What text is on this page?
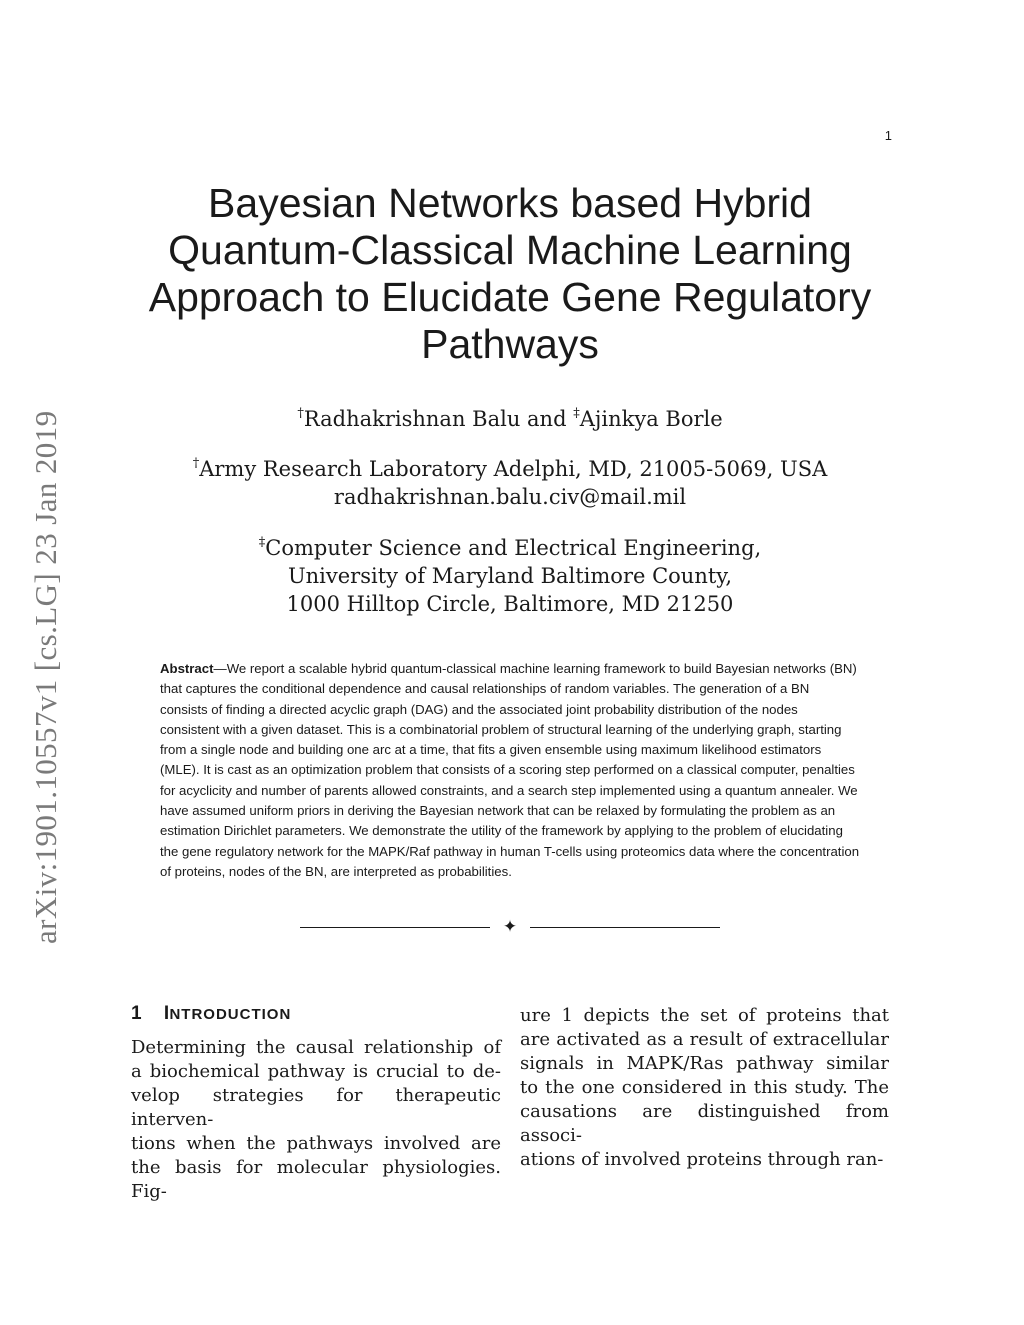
1
arXiv:1901.10557v1 [cs.LG] 23 Jan 2019
Bayesian Networks based Hybrid
Quantum-Classical Machine Learning
Approach to Elucidate Gene Regulatory
Pathways
†Radhakrishnan Balu and ‡Ajinkya Borle
†Army Research Laboratory Adelphi, MD, 21005-5069, USA
radhakrishnan.balu.civ@mail.mil
‡Computer Science and Electrical Engineering,
University of Maryland Baltimore County,
1000 Hilltop Circle, Baltimore, MD 21250
Abstract—We report a scalable hybrid quantum-classical machine learning framework to build Bayesian networks (BN) that captures the conditional dependence and causal relationships of random variables. The generation of a BN consists of finding a directed acyclic graph (DAG) and the associated joint probability distribution of the nodes consistent with a given dataset. This is a combinatorial problem of structural learning of the underlying graph, starting from a single node and building one arc at a time, that fits a given ensemble using maximum likelihood estimators (MLE). It is cast as an optimization problem that consists of a scoring step performed on a classical computer, penalties for acyclicity and number of parents allowed constraints, and a search step implemented using a quantum annealer. We have assumed uniform priors in deriving the Bayesian network that can be relaxed by formulating the problem as an estimation Dirichlet parameters. We demonstrate the utility of the framework by applying to the problem of elucidating the gene regulatory network for the MAPK/Raf pathway in human T-cells using proteomics data where the concentration of proteins, nodes of the BN, are interpreted as probabilities.
✦
1 INTRODUCTION
Determining the causal relationship of
a biochemical pathway is crucial to de-
velop strategies for therapeutic interven-
tions when the pathways involved are
the basis for molecular physiologies. Fig-
ure 1 depicts the set of proteins that
are activated as a result of extracellular
signals in MAPK/Ras pathway similar
to the one considered in this study. The
causations are distinguished from associ-
ations of involved proteins through ran-
